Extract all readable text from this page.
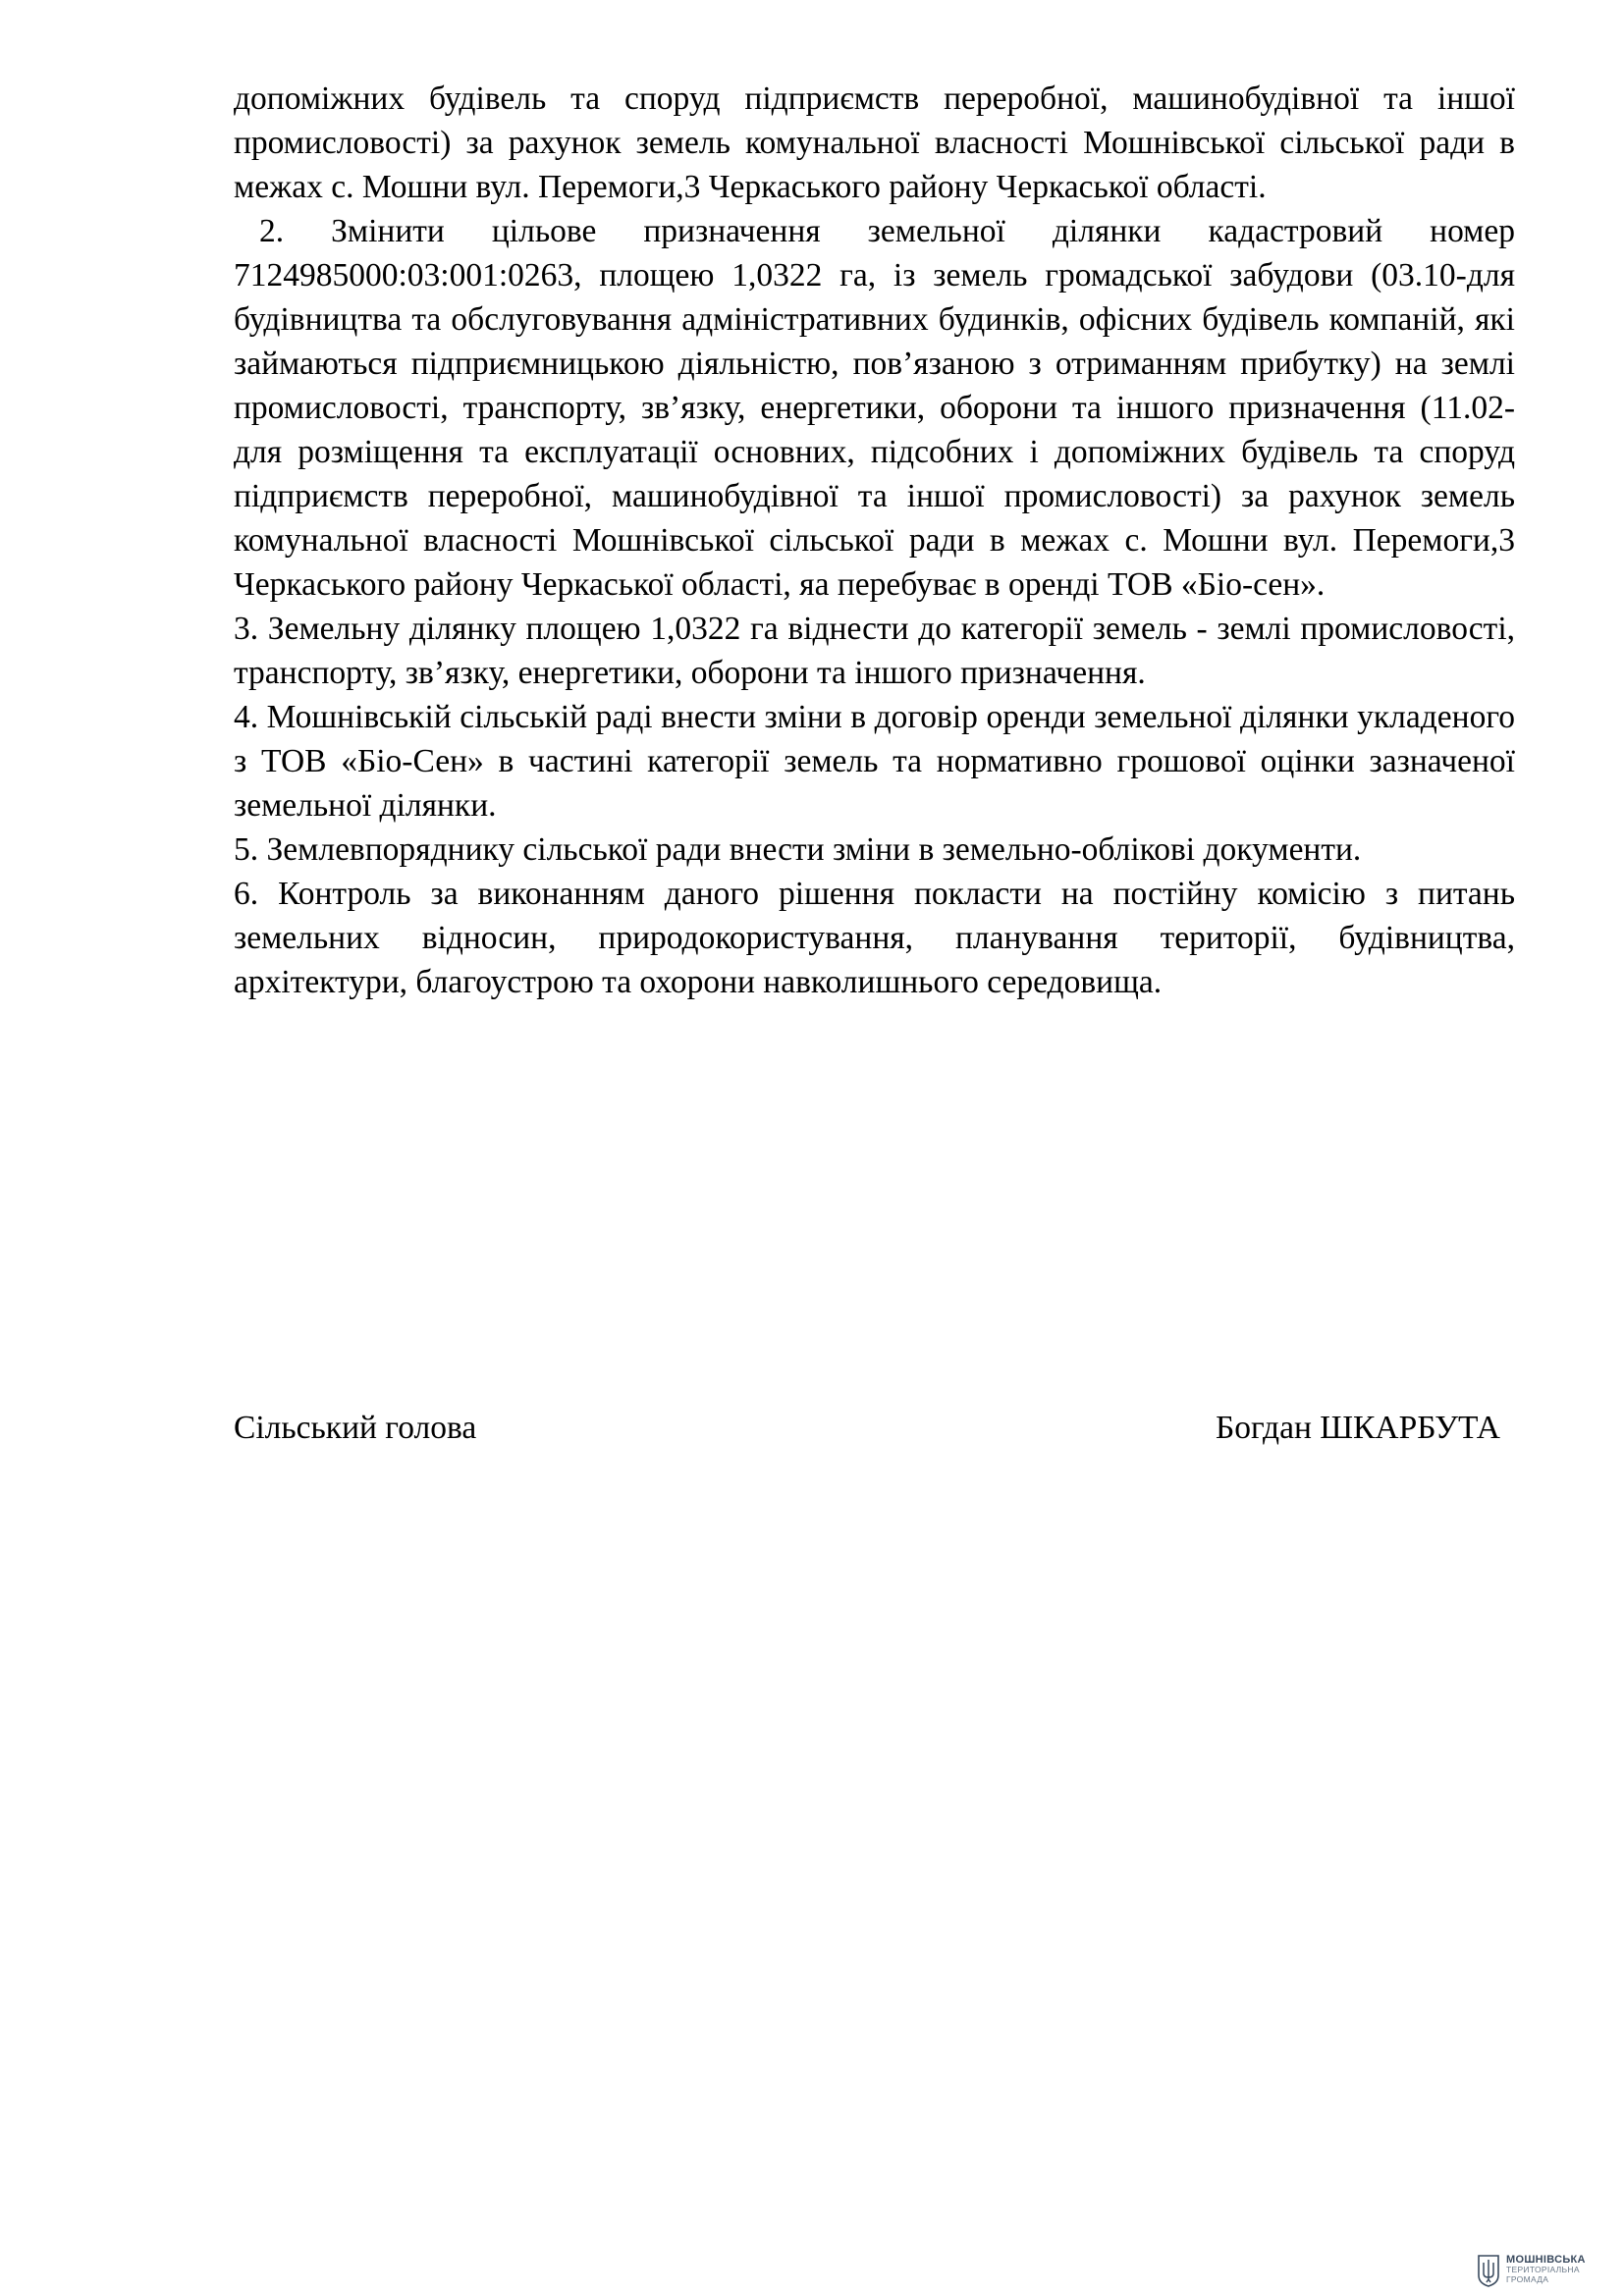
допоміжних будівель та споруд підприємств переробної, машинобудівної та іншої промисловості) за рахунок земель комунальної власності Мошнівської сільської ради в межах с. Мошни вул. Перемоги,3 Черкаського району Черкаської області.

2. Змінити цільове призначення земельної ділянки кадастровий номер 7124985000:03:001:0263, площею 1,0322 га, із земель громадської забудови (03.10-для будівництва та обслуговування адміністративних будинків, офісних будівель компаній, які займаються підприємницькою діяльністю, пов’язаною з отриманням прибутку) на землі промисловості, транспорту, зв’язку, енергетики, оборони та іншого призначення (11.02- для розміщення та експлуатації основних, підсобних і допоміжних будівель та споруд підприємств переробної, машинобудівної та іншої промисловості) за рахунок земель комунальної власності Мошнівської сільської ради в межах с. Мошни вул. Перемоги,3 Черкаського району Черкаської області, яа перебуває в оренді ТОВ «Біо-сен».

3. Земельну ділянку площею 1,0322 га віднести до категорії земель - землі промисловості, транспорту, зв’язку, енергетики, оборони та іншого призначення.

4. Мошнівській сільській раді внести зміни в договір оренди земельної ділянки укладеного з ТОВ «Біо-Сен» в частині категорії земель та нормативно грошової оцінки зазначеної земельної ділянки.

5. Землевпоряднику сільської ради внести зміни в земельно-облікові документи.

6. Контроль за виконанням даного рішення покласти на постійну комісію з питань земельних відносин, природокористування, планування території, будівництва, архітектури, благоустрою та охорони навколишнього середовища.

Сільський голова	Богдан ШКАРБУТА
МОШНІВСЬКА
ТЕРИТОРІАЛЬНА
ГРОМАДА
